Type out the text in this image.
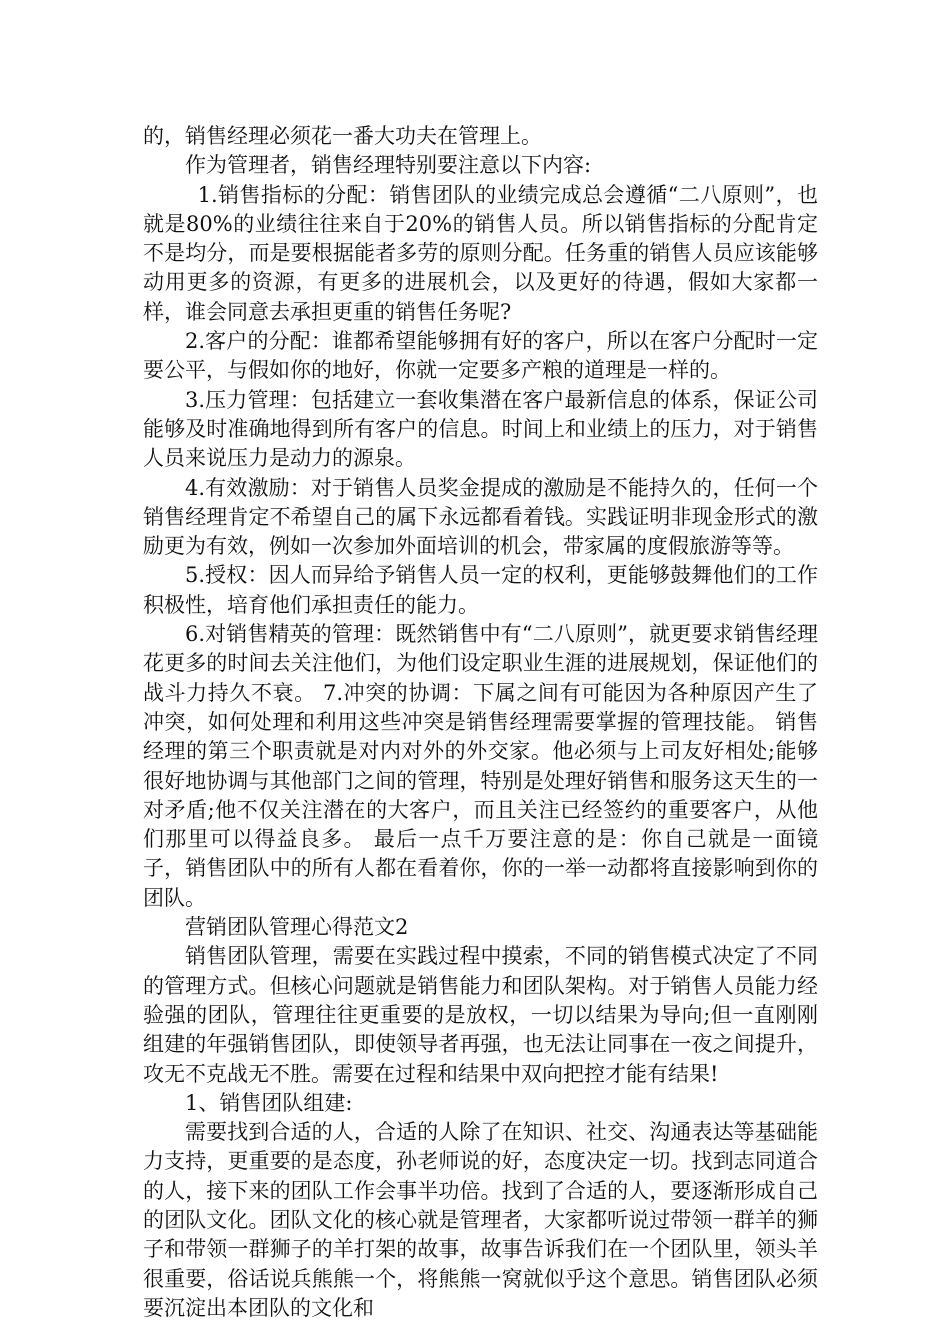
的，销售经理必须花一番大功夫在管理上。

作为管理者，销售经理特别要注意以下内容:

1.销售指标的分配：销售团队的业绩完成总会遵循“二八原则”，也就是80%的业绩往往来自于20%的销售人员。所以销售指标的分配肯定不是均分，而是要根据能者多劳的原则分配。任务重的销售人员应该能够动用更多的资源，有更多的进展机会，以及更好的待遇，假如大家都一样，谁会同意去承担更重的销售任务呢?

2.客户的分配：谁都希望能够拥有好的客户，所以在客户分配时一定要公平，与假如你的地好，你就一定要多产粮的道理是一样的。

3.压力管理：包括建立一套收集潜在客户最新信息的体系，保证公司能够及时准确地得到所有客户的信息。时间上和业绩上的压力，对于销售人员来说压力是动力的源泉。

4.有效激励：对于销售人员奖金提成的激励是不能持久的，任何一个销售经理肯定不希望自己的属下永远都看着钱。实践证明非现金形式的激励更为有效，例如一次参加外面培训的机会，带家属的度假旅游等等。

5.授权：因人而异给予销售人员一定的权利，更能够鼓舞他们的工作积极性，培育他们承担责任的能力。

6.对销售精英的管理：既然销售中有“二八原则”，就更要求销售经理花更多的时间去关注他们，为他们设定职业生涯的进展规划，保证他们的战斗力持久不衰。 7.冲突的协调：下属之间有可能因为各种原因产生了冲突，如何处理和利用这些冲突是销售经理需要掌握的管理技能。 销售经理的第三个职责就是对内对外的外交家。他必须与上司友好相处;能够很好地协调与其他部门之间的管理，特别是处理好销售和服务这天生的一对矛盾;他不仅关注潜在的大客户，而且关注已经签约的重要客户，从他们那里可以得益良多。 最后一点千万要注意的是：你自己就是一面镜子，销售团队中的所有人都在看着你，你的一举一动都将直接影响到你的团队。

营销团队管理心得范文2

销售团队管理，需要在实践过程中摸索，不同的销售模式决定了不同的管理方式。但核心问题就是销售能力和团队架构。对于销售人员能力经验强的团队，管理往往更重要的是放权，一切以结果为导向;但一直刚刚组建的年强销售团队，即使领导者再强，也无法让同事在一夜之间提升，攻无不克战无不胜。需要在过程和结果中双向把控才能有结果!

1、销售团队组建:

需要找到合适的人，合适的人除了在知识、社交、沟通表达等基础能力支持，更重要的是态度，孙老师说的好，态度决定一切。找到志同道合的人，接下来的团队工作会事半功倍。找到了合适的人，要逐渐形成自己的团队文化。团队文化的核心就是管理者，大家都听说过带领一群羊的狮子和带领一群狮子的羊打架的故事，故事告诉我们在一个团队里，领头羊很重要，俗话说兵熊熊一个，将熊熊一窝就似乎这个意思。销售团队必须要沉淀出本团队的文化和
